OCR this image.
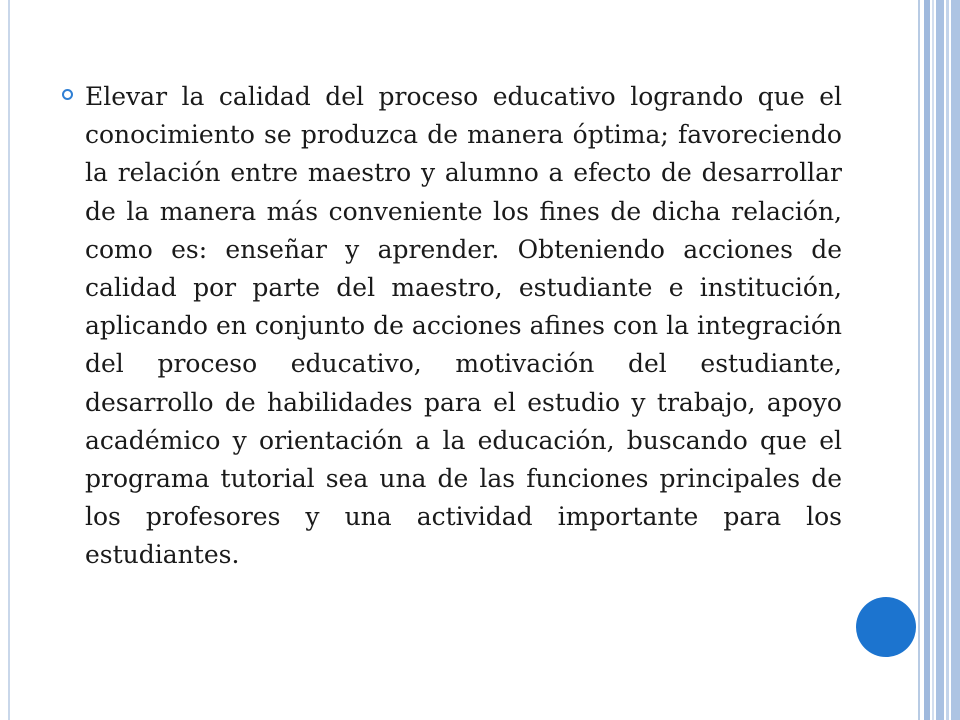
Elevar la calidad del proceso educativo logrando que el conocimiento se produzca de manera óptima; favoreciendo la relación entre maestro y alumno a efecto de desarrollar de la manera más conveniente los fines de dicha relación, como es: enseñar y aprender. Obteniendo acciones de calidad por parte del maestro, estudiante e institución, aplicando en conjunto de acciones afines con la integración del proceso educativo, motivación del estudiante, desarrollo de habilidades para el estudio y trabajo, apoyo académico y orientación a la educación, buscando que el programa tutorial sea una de las funciones principales de los profesores y una actividad importante para los estudiantes.
